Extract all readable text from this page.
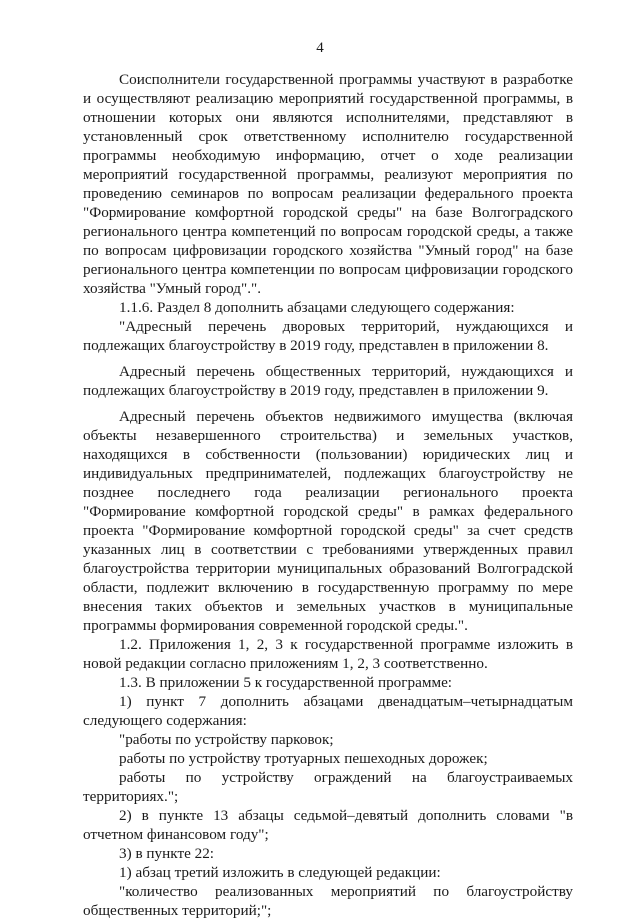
4

Соисполнители государственной программы участвуют в разработке и осуществляют реализацию мероприятий государственной программы, в отношении которых они являются исполнителями, представляют в установленный срок ответственному исполнителю государственной программы необходимую информацию, отчет о ходе реализации мероприятий государственной программы, реализуют мероприятия по проведению семинаров по вопросам реализации федерального проекта "Формирование комфортной городской среды" на базе Волгоградского регионального центра компетенций по вопросам городской среды, а также по вопросам цифровизации городского хозяйства "Умный город" на базе регионального центра компетенции по вопросам цифровизации городского хозяйства "Умный город".".

1.1.6. Раздел 8 дополнить абзацами следующего содержания:

"Адресный перечень дворовых территорий, нуждающихся и подлежащих благоустройству в 2019 году, представлен в приложении 8.

Адресный перечень общественных территорий, нуждающихся и подлежащих благоустройству в 2019 году, представлен в приложении 9.

Адресный перечень объектов недвижимого имущества (включая объекты незавершенного строительства) и земельных участков, находящихся в собственности (пользовании) юридических лиц и индивидуальных предпринимателей, подлежащих благоустройству не позднее последнего года реализации регионального проекта "Формирование комфортной городской среды" в рамках федерального проекта "Формирование комфортной городской среды" за счет средств указанных лиц в соответствии с требованиями утвержденных правил благоустройства территории муниципальных образований Волгоградской области, подлежит включению в государственную программу по мере внесения таких объектов и земельных участков в муниципальные программы формирования современной городской среды.".

1.2. Приложения 1, 2, 3 к государственной программе изложить в новой редакции согласно приложениям 1, 2, 3 соответственно.

1.3. В приложении 5 к государственной программе:

1) пункт 7 дополнить абзацами двенадцатым–четырнадцатым следующего содержания:

"работы по устройству парковок;

работы по устройству тротуарных пешеходных дорожек;

работы по устройству ограждений на благоустраиваемых территориях.";

2) в пункте 13 абзацы седьмой–девятый дополнить словами "в отчетном финансовом году";

3) в пункте 22:

1) абзац третий изложить в следующей редакции:

"количество реализованных мероприятий по благоустройству общественных территорий;";
